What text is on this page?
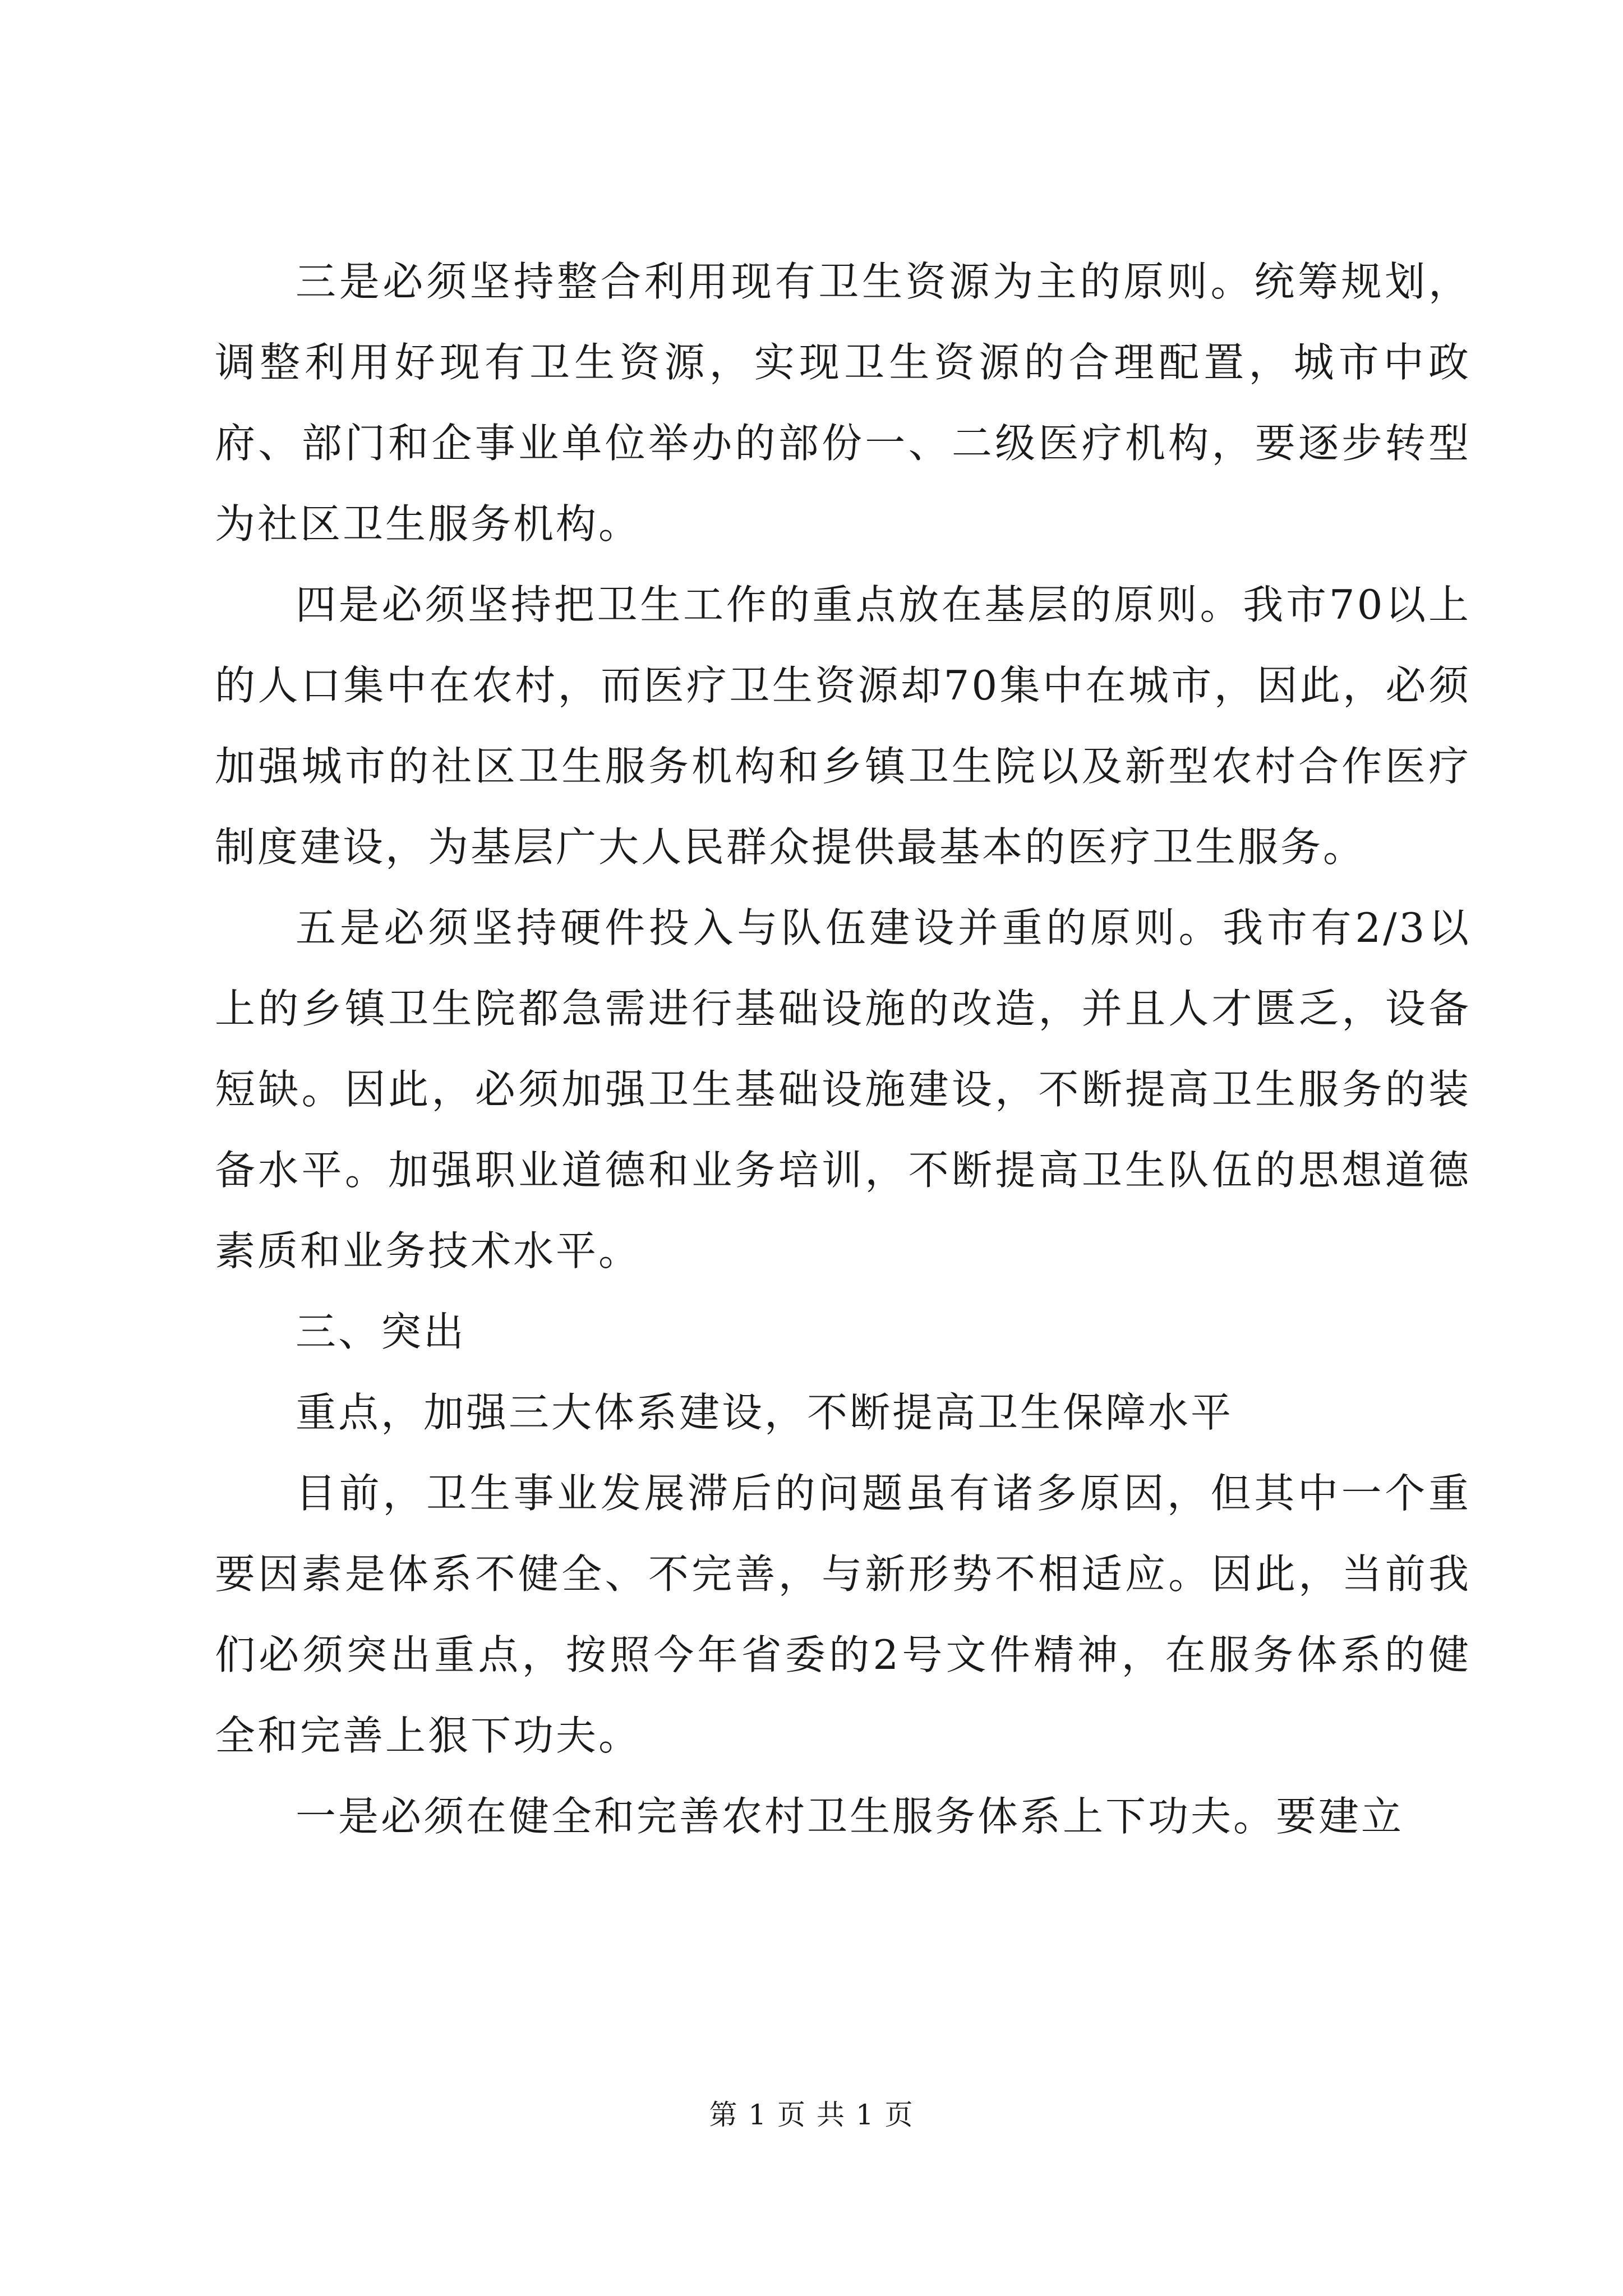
三是必须坚持整合利用现有卫生资源为主的原则。统筹规划，调整利用好现有卫生资源，实现卫生资源的合理配置，城市中政府、部门和企事业单位举办的部份一、二级医疗机构，要逐步转型为社区卫生服务机构。

四是必须坚持把卫生工作的重点放在基层的原则。我市70以上的人口集中在农村，而医疗卫生资源却70集中在城市，因此，必须加强城市的社区卫生服务机构和乡镇卫生院以及新型农村合作医疗制度建设，为基层广大人民群众提供最基本的医疗卫生服务。

五是必须坚持硬件投入与队伍建设并重的原则。我市有2/3以上的乡镇卫生院都急需进行基础设施的改造，并且人才匮乏，设备短缺。因此，必须加强卫生基础设施建设，不断提高卫生服务的装备水平。加强职业道德和业务培训，不断提高卫生队伍的思想道德素质和业务技术水平。

三、突出

重点，加强三大体系建设，不断提高卫生保障水平

目前，卫生事业发展滞后的问题虽有诸多原因，但其中一个重要因素是体系不健全、不完善，与新形势不相适应。因此，当前我们必须突出重点，按照今年省委的2号文件精神，在服务体系的健全和完善上狠下功夫。

一是必须在健全和完善农村卫生服务体系上下功夫。要建立

第 1 页 共 1 页
